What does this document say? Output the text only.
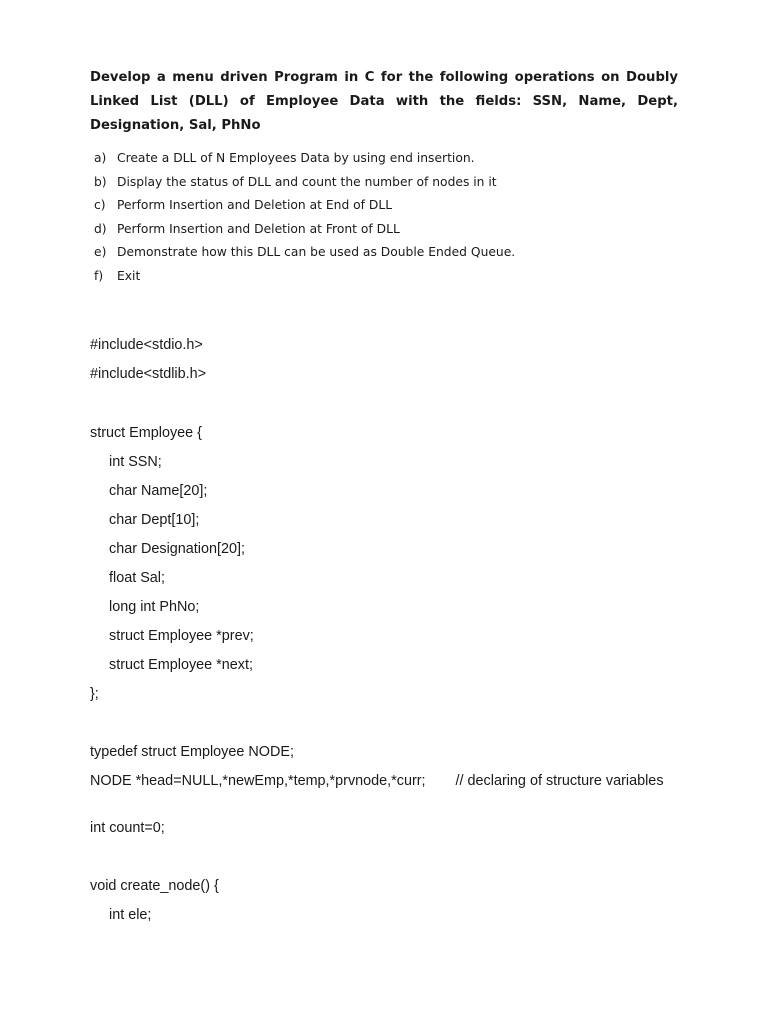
Develop a menu driven Program in C for the following operations on Doubly Linked List (DLL) of Employee Data with the fields: SSN, Name, Dept, Designation, Sal, PhNo
a) Create a DLL of N Employees Data by using end insertion.
b) Display the status of DLL and count the number of nodes in it
c) Perform Insertion and Deletion at End of DLL
d) Perform Insertion and Deletion at Front of DLL
e) Demonstrate how this DLL can be used as Double Ended Queue.
f) Exit

#include<stdio.h>

#include<stdlib.h>

struct Employee {

int SSN;

char Name[20];

char Dept[10];

char Designation[20];

float Sal;

long int PhNo;

struct Employee *prev;

struct Employee *next;

};

typedef struct Employee NODE;

NODE *head=NULL,*newEmp,*temp,*prvnode,*curr; // declaring of structure variables

int count=0;

void create_node() {

int ele;
